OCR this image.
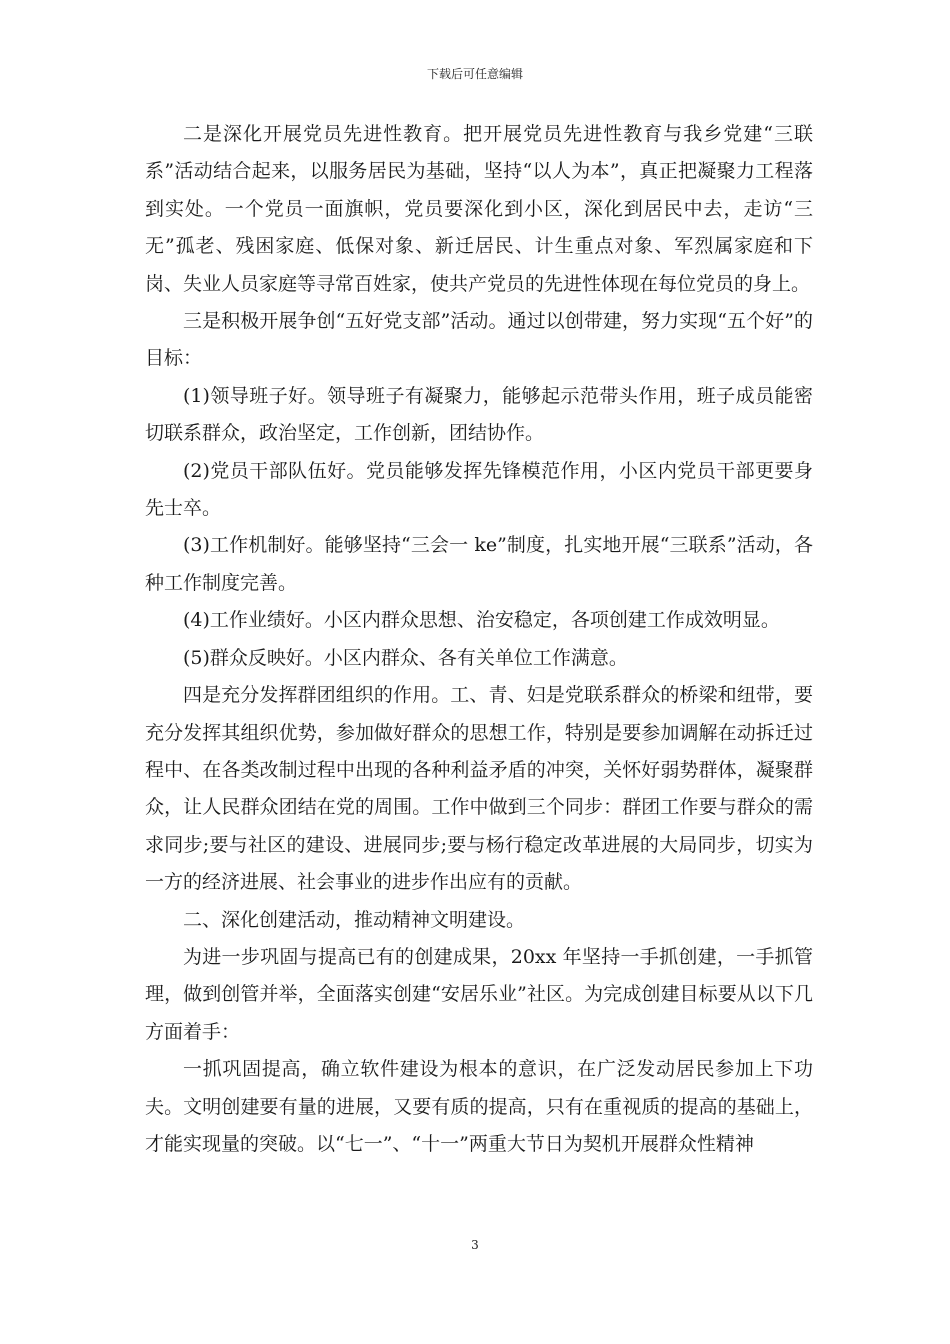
下载后可任意编辑

二是深化开展党员先进性教育。把开展党员先进性教育与我乡党建“三联系”活动结合起来，以服务居民为基础，坚持“以人为本”，真正把凝聚力工程落到实处。一个党员一面旗帜，党员要深化到小区，深化到居民中去，走访“三无”孤老、残困家庭、低保对象、新迁居民、计生重点对象、军烈属家庭和下岗、失业人员家庭等寻常百姓家，使共产党员的先进性体现在每位党员的身上。

三是积极开展争创“五好党支部”活动。通过以创带建，努力实现“五个好”的目标：

(1)领导班子好。领导班子有凝聚力，能够起示范带头作用，班子成员能密切联系群众，政治坚定，工作创新，团结协作。

(2)党员干部队伍好。党员能够发挥先锋模范作用，小区内党员干部更要身先士卒。

(3)工作机制好。能够坚持“三会一 ke”制度，扎实地开展“三联系”活动，各种工作制度完善。

(4)工作业绩好。小区内群众思想、治安稳定，各项创建工作成效明显。

(5)群众反映好。小区内群众、各有关单位工作满意。

四是充分发挥群团组织的作用。工、青、妇是党联系群众的桥梁和纽带，要充分发挥其组织优势，参加做好群众的思想工作，特别是要参加调解在动拆迁过程中、在各类改制过程中出现的各种利益矛盾的冲突，关怀好弱势群体，凝聚群众，让人民群众团结在党的周围。工作中做到三个同步：群团工作要与群众的需求同步;要与社区的建设、进展同步;要与杨行稳定改革进展的大局同步，切实为一方的经济进展、社会事业的进步作出应有的贡献。

二、深化创建活动，推动精神文明建设。

为进一步巩固与提高已有的创建成果，20xx 年坚持一手抓创建，一手抓管理，做到创管并举，全面落实创建“安居乐业”社区。为完成创建目标要从以下几方面着手：

一抓巩固提高，确立软件建设为根本的意识，在广泛发动居民参加上下功夫。文明创建要有量的进展，又要有质的提高，只有在重视质的提高的基础上，才能实现量的突破。以“七一”、“十一”两重大节日为契机开展群众性精神

3
